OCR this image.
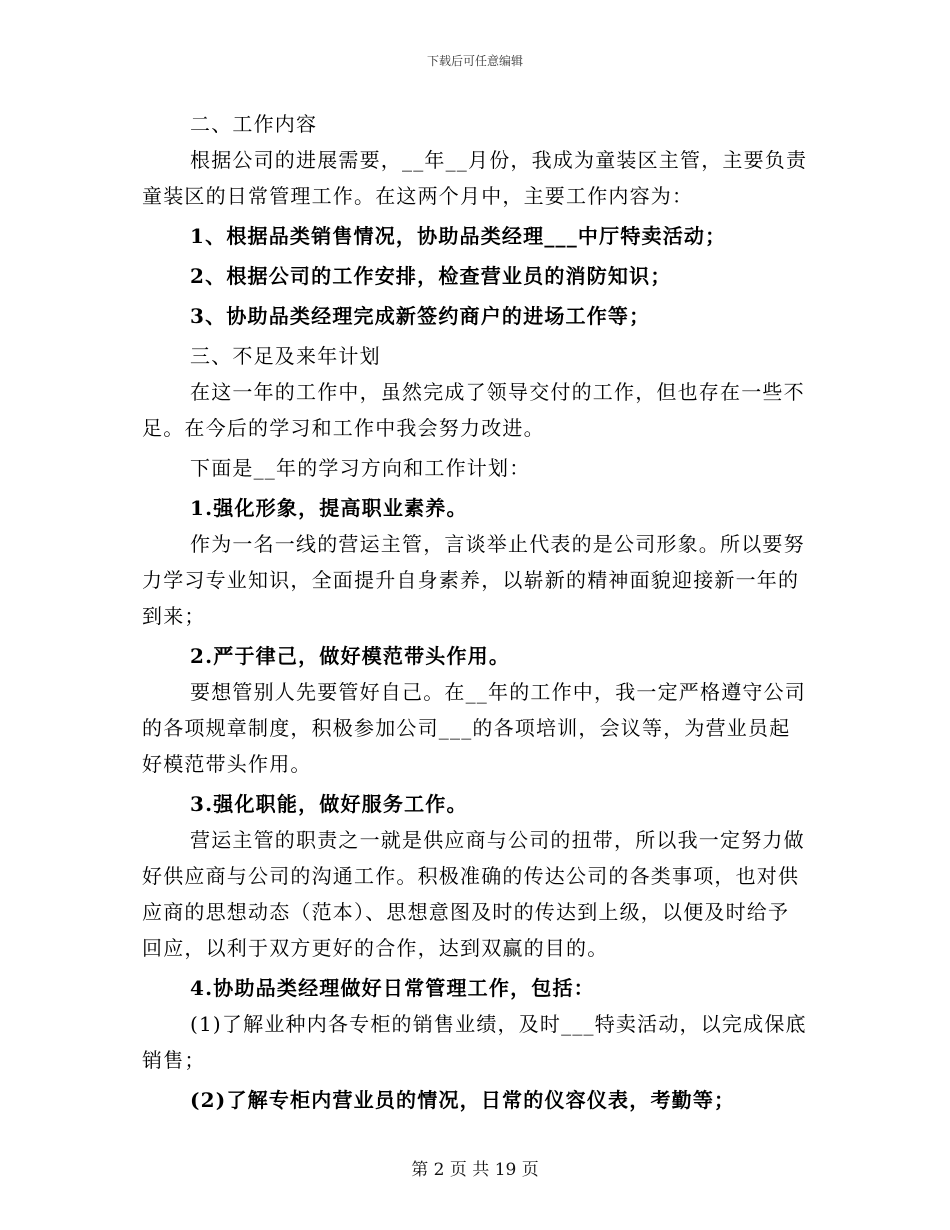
下载后可任意编辑

二、工作内容

根据公司的进展需要，__年__月份，我成为童装区主管，主要负责童装区的日常管理工作。在这两个月中，主要工作内容为：

1、根据品类销售情况，协助品类经理___中厅特卖活动；

2、根据公司的工作安排，检查营业员的消防知识；

3、协助品类经理完成新签约商户的进场工作等；

三、不足及来年计划

在这一年的工作中，虽然完成了领导交付的工作，但也存在一些不足。在今后的学习和工作中我会努力改进。

下面是__年的学习方向和工作计划：

1.强化形象，提高职业素养。

作为一名一线的营运主管，言谈举止代表的是公司形象。所以要努力学习专业知识，全面提升自身素养，以崭新的精神面貌迎接新一年的到来；

2.严于律己，做好模范带头作用。

要想管别人先要管好自己。在__年的工作中，我一定严格遵守公司的各项规章制度，积极参加公司___的各项培训，会议等，为营业员起好模范带头作用。

3.强化职能，做好服务工作。

营运主管的职责之一就是供应商与公司的扭带，所以我一定努力做好供应商与公司的沟通工作。积极准确的传达公司的各类事项，也对供应商的思想动态（范本）、思想意图及时的传达到上级，以便及时给予回应，以利于双方更好的合作，达到双赢的目的。

4.协助品类经理做好日常管理工作，包括：

(1)了解业种内各专柜的销售业绩，及时___特卖活动，以完成保底销售；

(2)了解专柜内营业员的情况，日常的仪容仪表，考勤等；

第 2 页 共 19 页
